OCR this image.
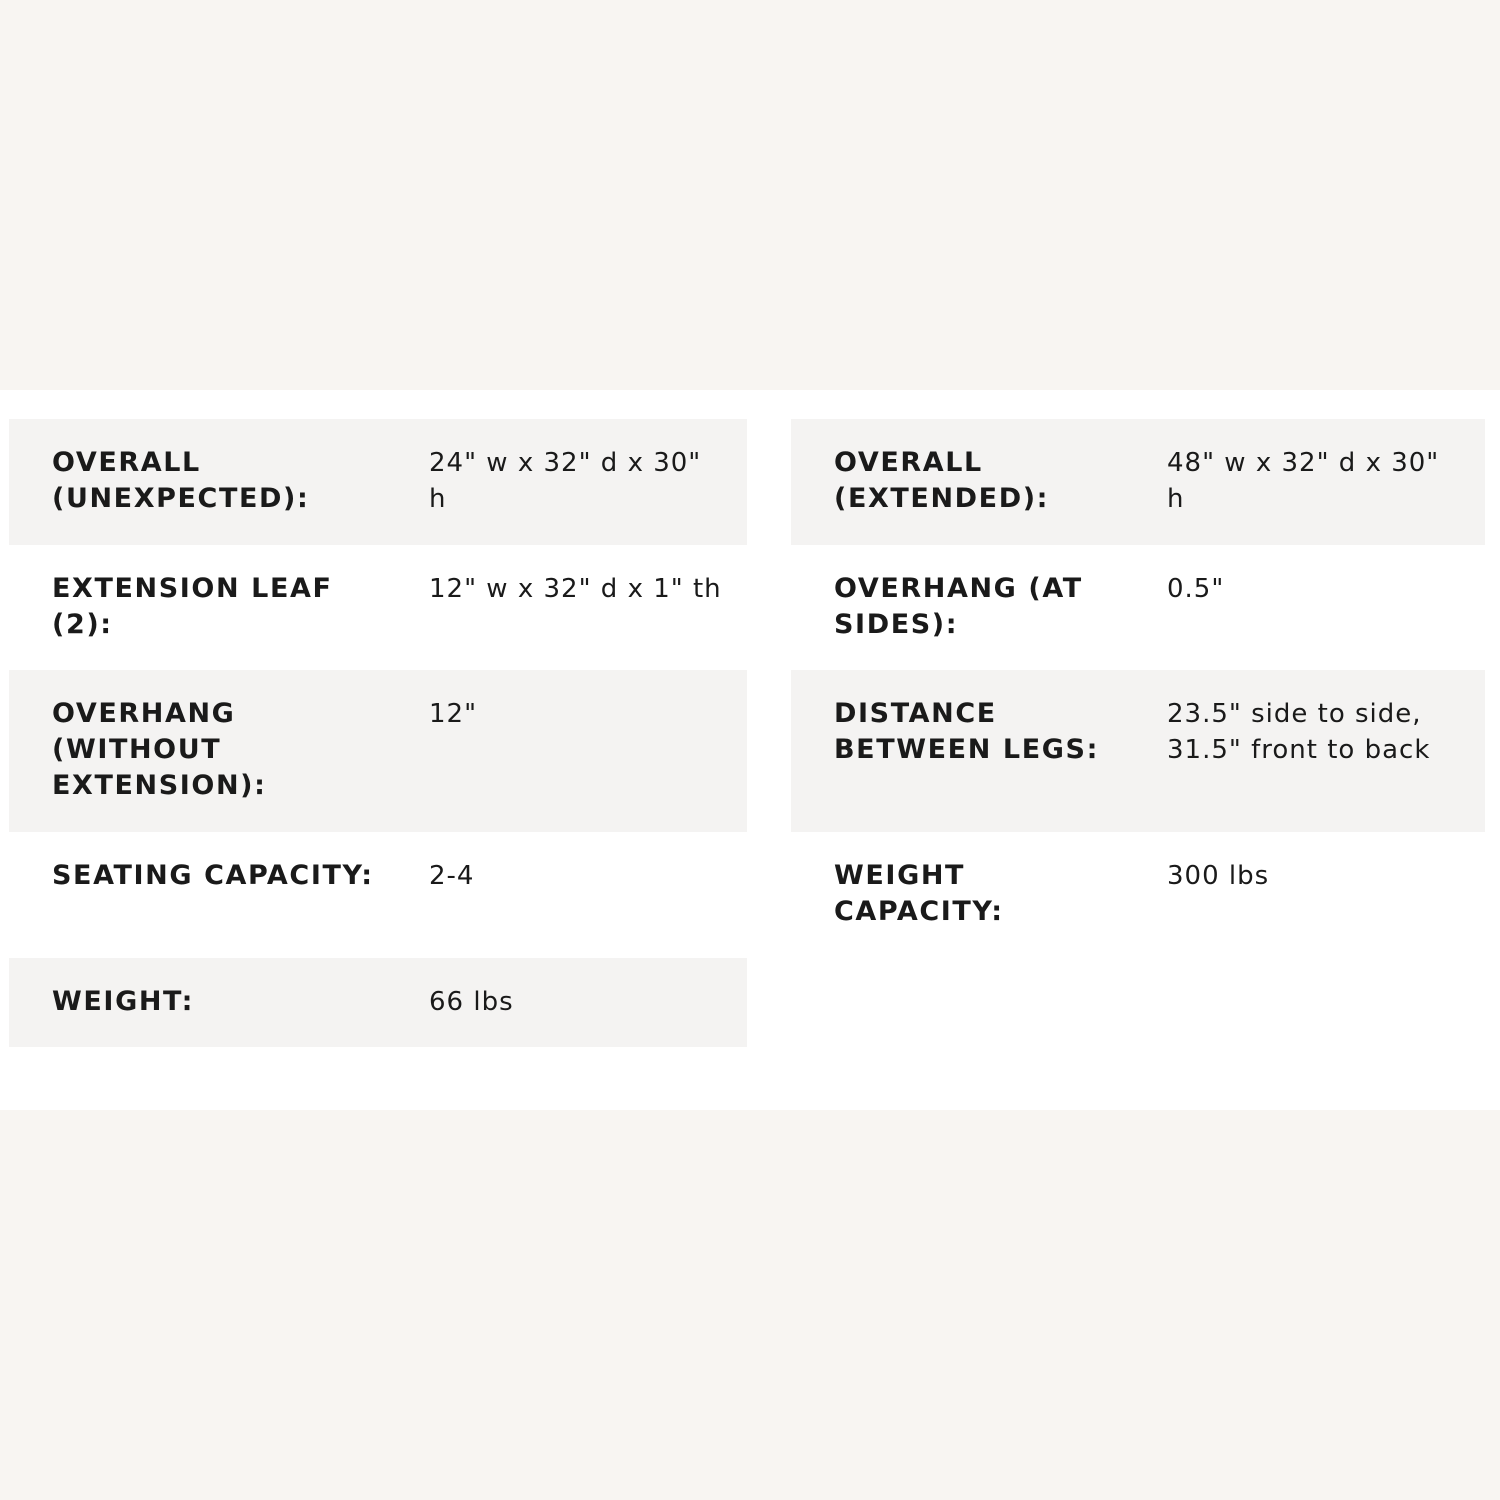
OVERALL
(UNEXPECTED):
24" w x 32" d x 30"
h
EXTENSION LEAF (2):
12" w x 32" d x 1" th
OVERHANG
(WITHOUT
EXTENSION):
12"
SEATING CAPACITY:	2-4
WEIGHT:	66 lbs
OVERALL
(EXTENDED):
48" w x 32" d x 30"
h
OVERHANG (AT
SIDES):
0.5"
DISTANCE
BETWEEN LEGS:
23.5" side to side,
31.5" front to back
WEIGHT
CAPACITY:
300 lbs
